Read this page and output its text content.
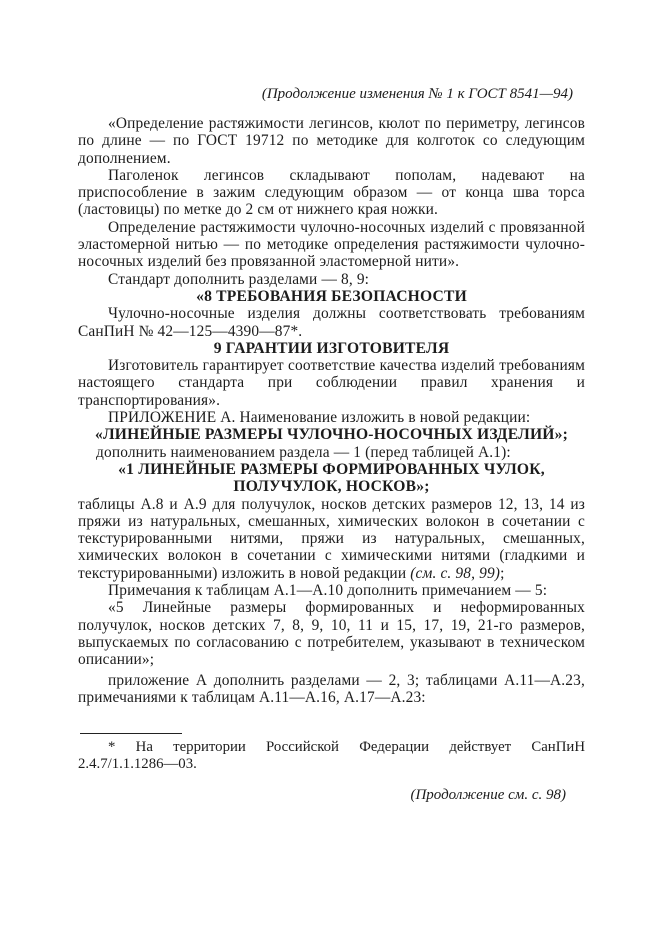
(Продолжение изменения № 1 к ГОСТ 8541—94)

«Определение растяжимости легинсов, кюлот по периметру, легинсов по длине — по ГОСТ 19712 по методике для колготок со следующим дополнением.

Паголенок легинсов складывают пополам, надевают на приспособление в зажим следующим образом — от конца шва торса (ластовицы) по метке до 2 см от нижнего края ножки.

Определение растяжимости чулочно-носочных изделий с провязанной эластомерной нитью — по методике определения растяжимости чулочно-носочных изделий без провязанной эластомерной нити».

Стандарт дополнить разделами — 8, 9:

«8 ТРЕБОВАНИЯ БЕЗОПАСНОСТИ

Чулочно-носочные изделия должны соответствовать требованиям СанПиН № 42—125—4390—87*.

9 ГАРАНТИИ ИЗГОТОВИТЕЛЯ

Изготовитель гарантирует соответствие качества изделий требованиям настоящего стандарта при соблюдении правил хранения и транспортирования».

ПРИЛОЖЕНИЕ А. Наименование изложить в новой редакции:

«ЛИНЕЙНЫЕ РАЗМЕРЫ ЧУЛОЧНО-НОСОЧНЫХ ИЗДЕЛИЙ»;

дополнить наименованием раздела — 1 (перед таблицей А.1):

«1 ЛИНЕЙНЫЕ РАЗМЕРЫ ФОРМИРОВАННЫХ ЧУЛОК,

ПОЛУЧУЛОК, НОСКОВ»;

таблицы А.8 и А.9 для получулок, носков детских размеров 12, 13, 14 из пряжи из натуральных, смешанных, химических волокон в сочетании с текстурированными нитями, пряжи из натуральных, смешанных, химических волокон в сочетании с химическими нитями (гладкими и текстурированными) изложить в новой редакции (см. с. 98, 99);

Примечания к таблицам А.1—А.10 дополнить примечанием — 5:

«5 Линейные размеры формированных и неформированных получулок, носков детских 7, 8, 9, 10, 11 и 15, 17, 19, 21-го размеров, выпускаемых по согласованию с потребителем, указывают в техническом описании»;

приложение А дополнить разделами — 2, 3; таблицами А.11—А.23, примечаниями к таблицам А.11—А.16, А.17—А.23:

* На территории Российской Федерации действует СанПиН
2.4.7/1.1.1286—03.
(Продолжение см. с. 98)
